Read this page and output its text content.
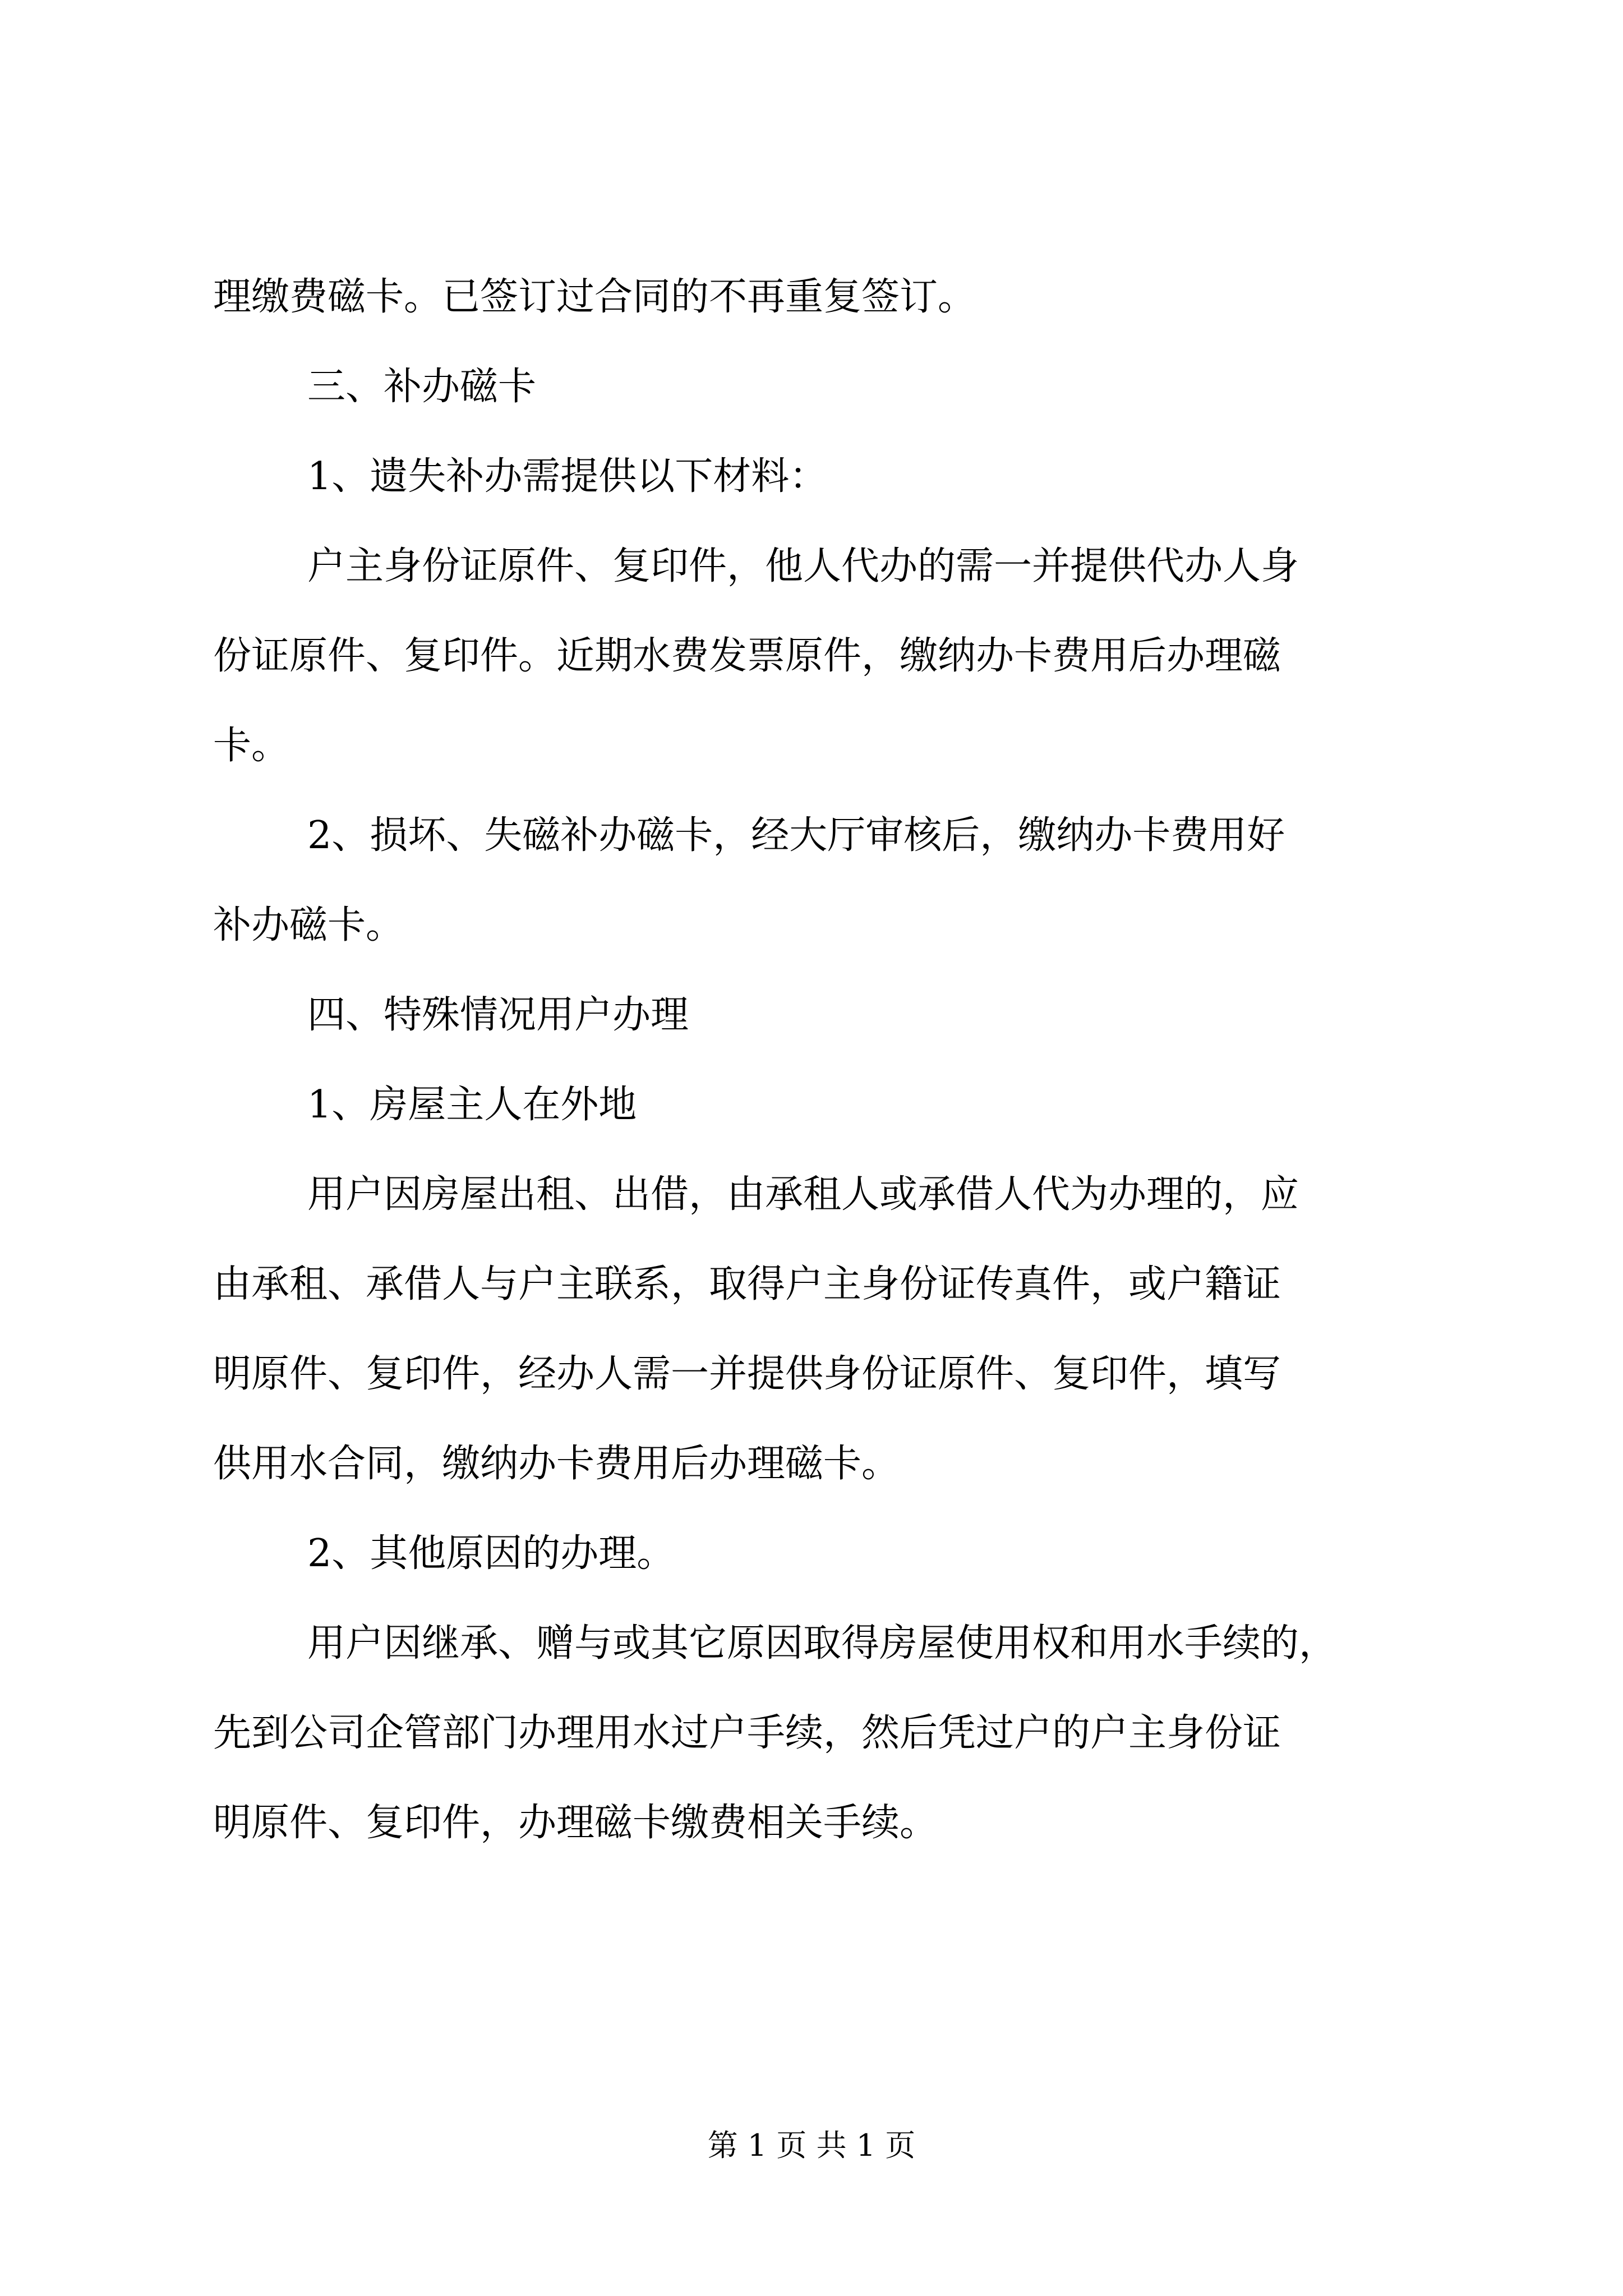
理缴费磁卡。已签订过合同的不再重复签订。

三、补办磁卡

1、遗失补办需提供以下材料：

户主身份证原件、复印件，他人代办的需一并提供代办人身

份证原件、复印件。近期水费发票原件，缴纳办卡费用后办理磁

卡。

2、损坏、失磁补办磁卡，经大厅审核后，缴纳办卡费用好

补办磁卡。

四、特殊情况用户办理

1、房屋主人在外地

用户因房屋出租、出借，由承租人或承借人代为办理的，应

由承租、承借人与户主联系，取得户主身份证传真件，或户籍证

明原件、复印件，经办人需一并提供身份证原件、复印件，填写

供用水合同，缴纳办卡费用后办理磁卡。

2、其他原因的办理。

用户因继承、赠与或其它原因取得房屋使用权和用水手续的，

先到公司企管部门办理用水过户手续，然后凭过户的户主身份证

明原件、复印件，办理磁卡缴费相关手续。

第 1 页 共 1 页
